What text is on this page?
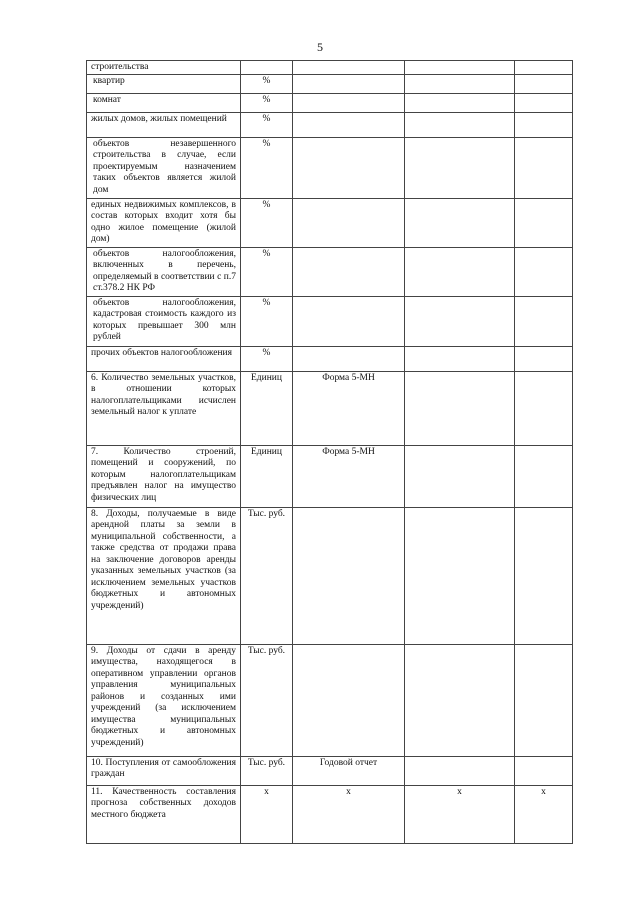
5
строительства				
квартир	%			
комнат	%			
жилых домов, жилых помещений	%			
объектов незавершенного строительства в случае, если проектируемым назначением таких объектов является жилой дом	%			
единых недвижимых комплексов, в состав которых входит хотя бы одно жилое помещение (жилой дом)	%			
объектов налогообложения, включенных в перечень, определяемый в соответствии с п.7 ст.378.2 НК РФ	%			
объектов налогообложения, кадастровая стоимость каждого из которых превышает 300 млн рублей	%			
прочих объектов налогообложения	%			
6. Количество земельных участков, в отношении которых налогоплательщиками исчислен земельный налог к уплате	Единиц	Форма 5-МН		
7. Количество строений, помещений и сооружений, по которым налогоплательщикам предъявлен налог на имущество физических лиц	Единиц	Форма 5-МН		
8. Доходы, получаемые в виде арендной платы за земли в муниципальной собственности, а также средства от продажи права на заключение договоров аренды указанных земельных участков (за исключением земельных участков бюджетных и автономных учреждений)	Тыс. руб.			
9. Доходы от сдачи в аренду имущества, находящегося в оперативном управлении органов управления муниципальных районов и созданных ими учреждений (за исключением имущества муниципальных бюджетных и автономных учреждений)	Тыс. руб.			
10. Поступления от самообложения граждан	Тыс. руб.	Годовой отчет		
11. Качественность составления прогноза собственных доходов местного бюджета	х	х	х	х
